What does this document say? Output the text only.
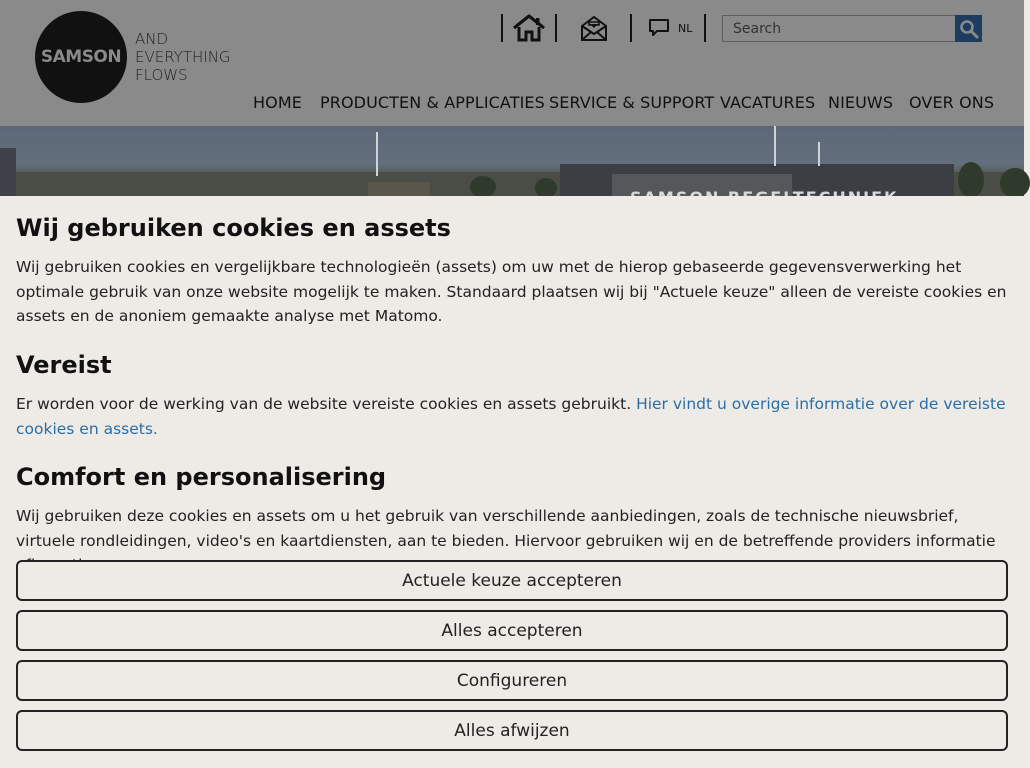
SAMSON
AND
EVERYTHING
FLOWS
NL
Search
HOME PRODUCTEN & APPLICATIES SERVICE & SUPPORT VACATURES NIEUWS OVER ONS
Wij gebruiken cookies en assets

Wij gebruiken cookies en vergelijkbare technologieën (assets) om uw met de hierop gebaseerde gegevensverwerking het optimale gebruik van onze website mogelijk te maken. Standaard plaatsen wij bij "Actuele keuze" alleen de vereiste cookies en assets en de anoniem gemaakte analyse met Matomo.

Vereist

Er worden voor de werking van de website vereiste cookies en assets gebruikt. Hier vindt u overige informatie over de vereiste cookies en assets.

Comfort en personalisering

Wij gebruiken deze cookies en assets om u het gebruik van verschillende aanbiedingen, zoals de technische nieuwsbrief, virtuele rondleidingen, video's en kaartdiensten, aan te bieden. Hiervoor gebruiken wij en de betreffende providers informatie

Actuele keuze accepteren
Alles accepteren
Configureren
Alles afwijzen
